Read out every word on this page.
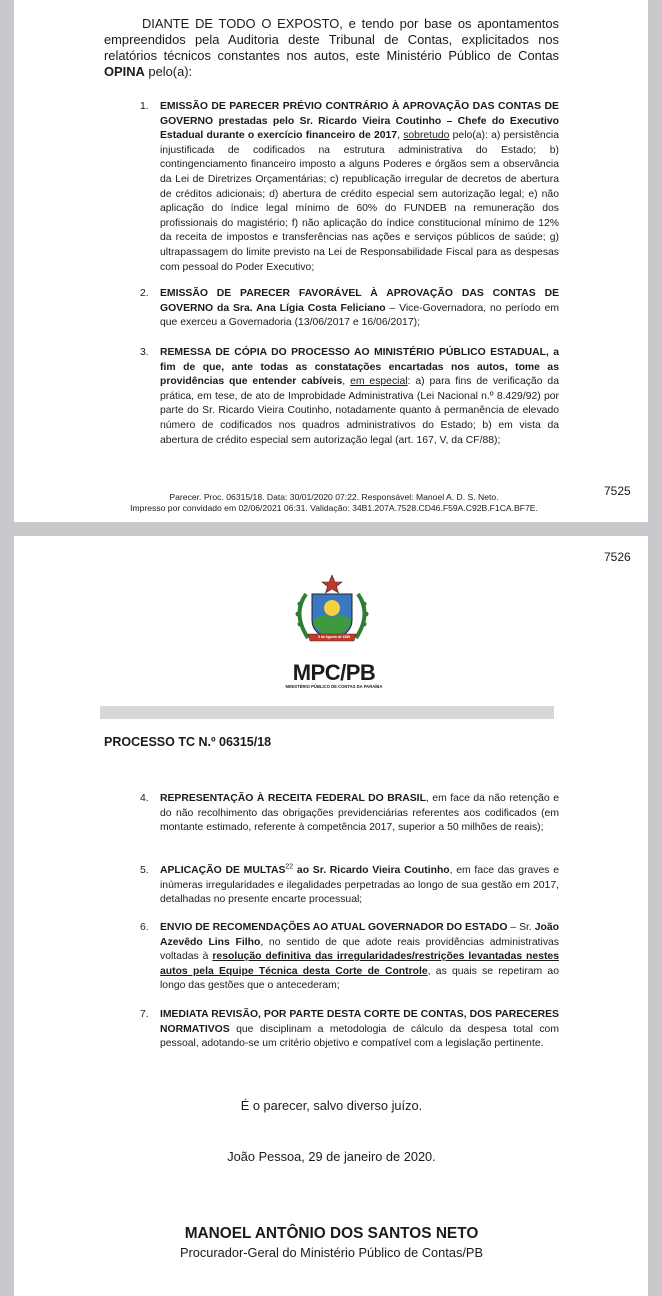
DIANTE DE TODO O EXPOSTO, e tendo por base os apontamentos empreendidos pela Auditoria deste Tribunal de Contas, explicitados nos relatórios técnicos constantes nos autos, este Ministério Público de Contas OPINA pelo(a):
1. EMISSÃO DE PARECER PRÉVIO CONTRÁRIO À APROVAÇÃO DAS CONTAS DE GOVERNO prestadas pelo Sr. Ricardo Vieira Coutinho – Chefe do Executivo Estadual durante o exercício financeiro de 2017, sobretudo pelo(a): a) persistência injustificada de codificados na estrutura administrativa do Estado; b) contingenciamento financeiro imposto a alguns Poderes e órgãos sem a observância da Lei de Diretrizes Orçamentárias; c) republicação irregular de decretos de abertura de créditos adicionais; d) abertura de crédito especial sem autorização legal; e) não aplicação do índice legal mínimo de 60% do FUNDEB na remuneração dos profissionais do magistério; f) não aplicação do índice constitucional mínimo de 12% da receita de impostos e transferências nas ações e serviços públicos de saúde; g) ultrapassagem do limite previsto na Lei de Responsabilidade Fiscal para as despesas com pessoal do Poder Executivo;
2. EMISSÃO DE PARECER FAVORÁVEL À APROVAÇÃO DAS CONTAS DE GOVERNO da Sra. Ana Lígia Costa Feliciano – Vice-Governadora, no período em que exerceu a Governadoria (13/06/2017 e 16/06/2017);
3. REMESSA DE CÓPIA DO PROCESSO AO MINISTÉRIO PÚBLICO ESTADUAL, a fim de que, ante todas as constatações encartadas nos autos, tome as providências que entender cabíveis, em especial: a) para fins de verificação da prática, em tese, de ato de Improbidade Administrativa (Lei Nacional n.º 8.429/92) por parte do Sr. Ricardo Vieira Coutinho, notadamente quanto à permanência de elevado número de codificados nos quadros administrativos do Estado; b) em vista da abertura de crédito especial sem autorização legal (art. 167, V, da CF/88);
Parecer. Proc. 06315/18. Data: 30/01/2020 07:22. Responsável: Manoel A. D. S. Neto.
Impresso por convidado em 02/06/2021 06:31. Validação: 34B1.207A.7528.CD46.F59A.C92B.F1CA.BF7E.
7525
7526
9 de Agosto de 1585
MPC/PB
MINISTÉRIO PÚBLICO DE CONTAS DA PARAÍBA
PROCESSO TC N.º 06315/18
4. REPRESENTAÇÃO À RECEITA FEDERAL DO BRASIL, em face da não retenção e do não recolhimento das obrigações previdenciárias referentes aos codificados (em montante estimado, referente à competência 2017, superior a 50 milhões de reais);
5. APLICAÇÃO DE MULTAS$^{22}$ ao Sr. Ricardo Vieira Coutinho, em face das graves e inúmeras irregularidades e ilegalidades perpetradas ao longo de sua gestão em 2017, detalhadas no presente encarte processual;
6. ENVIO DE RECOMENDAÇÕES AO ATUAL GOVERNADOR DO ESTADO – Sr. João Azevêdo Lins Filho, no sentido de que adote reais providências administrativas voltadas à resolução definitiva das irregularidades/restrições levantadas nestes autos pela Equipe Técnica desta Corte de Controle, as quais se repetiram ao longo das gestões que o antecederam;
7. IMEDIATA REVISÃO, POR PARTE DESTA CORTE DE CONTAS, DOS PARECERES NORMATIVOS que disciplinam a metodologia de cálculo da despesa total com pessoal, adotando-se um critério objetivo e compatível com a legislação pertinente.
É o parecer, salvo diverso juízo.
João Pessoa, 29 de janeiro de 2020.
MANOEL ANTÔNIO DOS SANTOS NETO
Procurador-Geral do Ministério Público de Contas/PB
